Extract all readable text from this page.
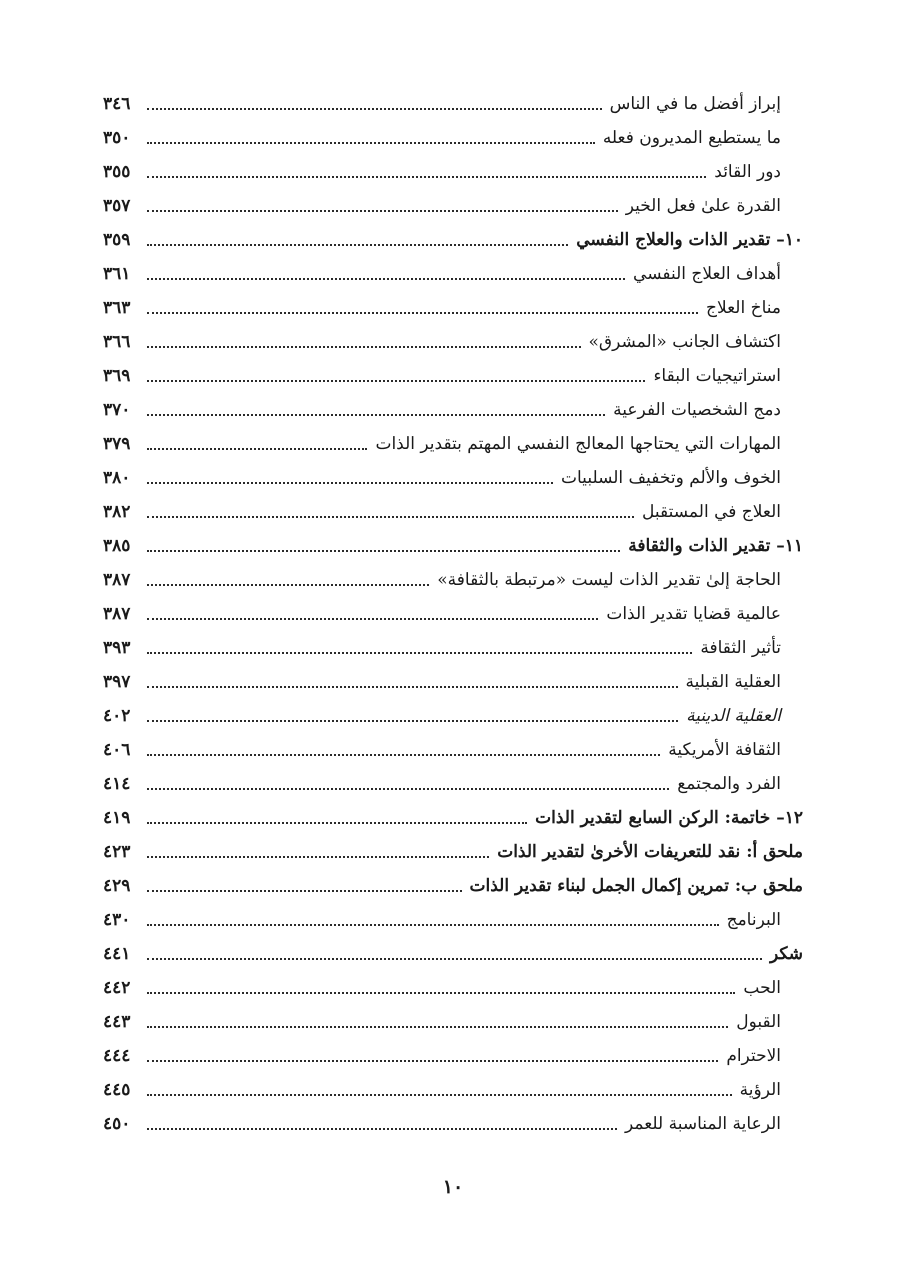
إبراز أفضل ما في الناس
٣٤٦
ما يستطيع المديرون فعله
٣٥٠
دور القائد
٣٥٥
القدرة علىٰ فعل الخير
٣٥٧
١٠– تقدير الذات والعلاج النفسي
٣٥٩
أهداف العلاج النفسي
٣٦١
مناخ العلاج
٣٦٣
اكتشاف الجانب «المشرق»
٣٦٦
استراتيجيات البقاء
٣٦٩
دمج الشخصيات الفرعية
٣٧٠
المهارات التي يحتاجها المعالج النفسي المهتم بتقدير الذات
٣٧٩
الخوف والألم وتخفيف السلبيات
٣٨٠
العلاج في المستقبل
٣٨٢
١١– تقدير الذات والثقافة
٣٨٥
الحاجة إلىٰ تقدير الذات ليست «مرتبطة بالثقافة»
٣٨٧
عالمية قضايا تقدير الذات
٣٨٧
تأثير الثقافة
٣٩٣
العقلية القبلية
٣٩٧
العقلية الدينية
٤٠٢
الثقافة الأمريكية
٤٠٦
الفرد والمجتمع
٤١٤
١٢– خاتمة: الركن السابع لتقدير الذات
٤١٩
ملحق أ: نقد للتعريفات الأخرىٰ لتقدير الذات
٤٢٣
ملحق ب: تمرين إكمال الجمل لبناء تقدير الذات
٤٢٩
البرنامج
٤٣٠
شكر
٤٤١
الحب
٤٤٢
القبول
٤٤٣
الاحترام
٤٤٤
الرؤية
٤٤٥
الرعاية المناسبة للعمر
٤٥٠
١٠
